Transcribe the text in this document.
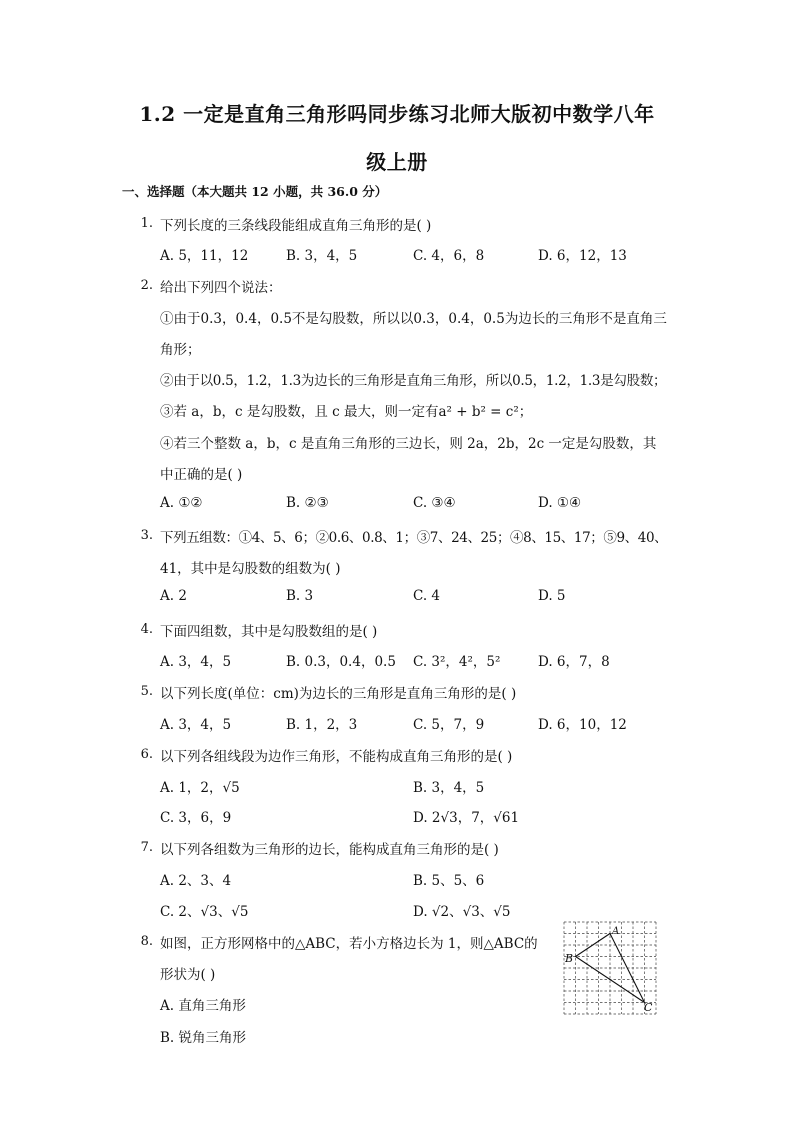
1.2 一定是直角三角形吗同步练习北师大版初中数学八年
级上册
一、选择题（本大题共 12 小题，共 36.0 分）
1. 下列长度的三条线段能组成直角三角形的是( )
A. 5，11，12	B. 3，4，5	C. 4，6，8	D. 6，12，13
2. 给出下列四个说法：
①由于0.3，0.4，0.5不是勾股数，所以以0.3，0.4，0.5为边长的三角形不是直角三
角形；
②由于以0.5，1.2，1.3为边长的三角形是直角三角形，所以0.5，1.2，1.3是勾股数；
③若 a，b，c 是勾股数，且 c 最大，则一定有a² + b² = c²；
④若三个整数 a，b，c 是直角三角形的三边长，则 2a，2b，2c 一定是勾股数，其
中正确的是( )
A. ①②	B. ②③	C. ③④	D. ①④
3. 下列五组数：①4、5、6；②0.6、0.8、1；③7、24、25；④8、15、17；⑤9、40、
41，其中是勾股数的组数为( )
A. 2	B. 3	C. 4	D. 5
4. 下面四组数，其中是勾股数组的是( )
A. 3，4，5	B. 0.3，0.4，0.5 C. 3²，4²，5²	D. 6，7，8
5. 以下列长度(单位：cm)为边长的三角形是直角三角形的是( )
A. 3，4，5	B. 1，2，3	C. 5，7，9	D. 6，10，12
6. 以下列各组线段为边作三角形，不能构成直角三角形的是( )
A. 1，2，√5	B. 3，4，5
C. 3，6，9	D. 2√3，7，√61
7. 以下列各组数为三角形的边长，能构成直角三角形的是( )
A. 2、3、4	B. 5、5、6
C. 2、√3、√5	D. √2、√3、√5
8. 如图，正方形网格中的△ABC，若小方格边长为 1，则△ABC的
形状为( )
A. 直角三角形
B. 锐角三角形
A
B
C
